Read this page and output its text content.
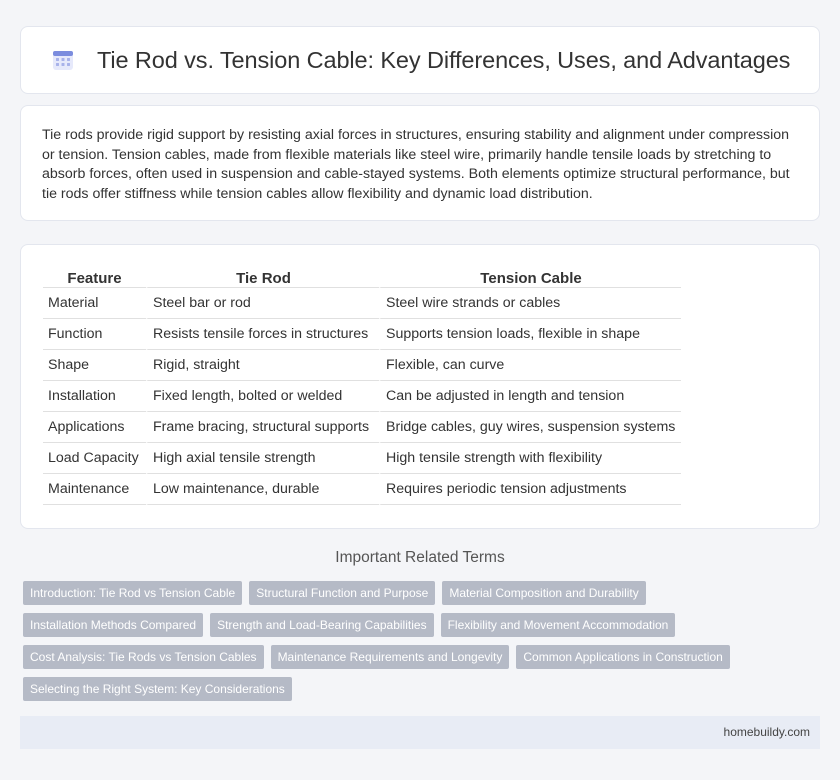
Tie Rod vs. Tension Cable: Key Differences, Uses, and Advantages

Tie rods provide rigid support by resisting axial forces in structures, ensuring stability and alignment under compression or tension. Tension cables, made from flexible materials like steel wire, primarily handle tensile loads by stretching to absorb forces, often used in suspension and cable-stayed systems. Both elements optimize structural performance, but tie rods offer stiffness while tension cables allow flexibility and dynamic load distribution.

Feature	Tie Rod	Tension Cable
Material	Steel bar or rod	Steel wire strands or cables
Function	Resists tensile forces in structures	Supports tension loads, flexible in shape
Shape	Rigid, straight	Flexible, can curve
Installation	Fixed length, bolted or welded	Can be adjusted in length and tension
Applications	Frame bracing, structural supports	Bridge cables, guy wires, suspension systems
Load Capacity	High axial tensile strength	High tensile strength with flexibility
Maintenance	Low maintenance, durable	Requires periodic tension adjustments
Important Related Terms
Introduction: Tie Rod vs Tension Cable	Structural Function and Purpose	Material Composition and Durability
Installation Methods Compared	Strength and Load-Bearing Capabilities	Flexibility and Movement Accommodation
Cost Analysis: Tie Rods vs Tension Cables	Maintenance Requirements and Longevity	Common Applications in Construction
Selecting the Right System: Key Considerations
homebuildy.com
